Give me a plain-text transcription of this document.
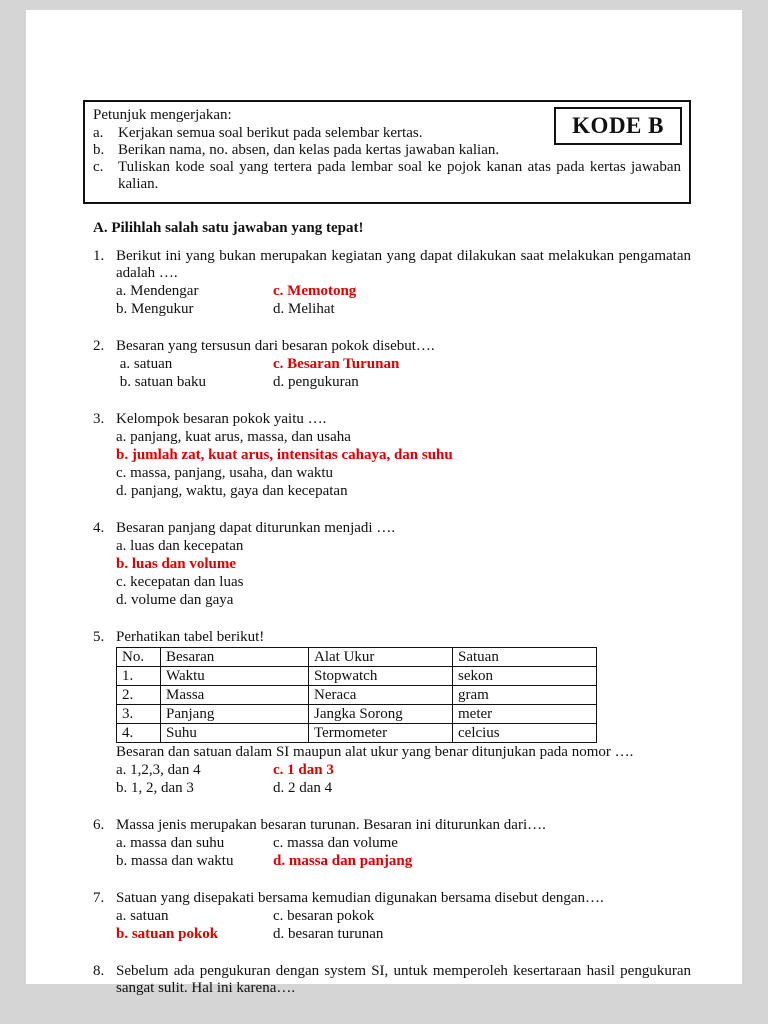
KODE B

Petunjuk mengerjakan:

a. Kerjakan semua soal berikut pada selembar kertas.
b. Berikan nama, no. absen, dan kelas pada kertas jawaban kalian.
c. Tuliskan kode soal yang tertera pada lembar soal ke pojok kanan atas pada kertas jawaban kalian.

A. Pilihlah salah satu jawaban yang tepat!

1. Berikut ini yang bukan merupakan kegiatan yang dapat dilakukan saat melakukan pengamatan adalah ….

a. Mendengar	c. Memotong
b. Mengukur	d. Melihat
2. Besaran yang tersusun dari besaran pokok disebut….

a. satuan	c. Besaran Turunan
b. satuan baku	d. pengukuran
3. Kelompok besaran pokok yaitu ….

a. panjang, kuat arus, massa, dan usaha
b. jumlah zat, kuat arus, intensitas cahaya, dan suhu
c. massa, panjang, usaha, dan waktu
d. panjang, waktu, gaya dan kecepatan
4. Besaran panjang dapat diturunkan menjadi ….

a. luas dan kecepatan
b. luas dan volume
c. kecepatan dan luas
d. volume dan gaya
5. Perhatikan tabel berikut!

No.	Besaran	Alat Ukur	Satuan
1.	Waktu	Stopwatch	sekon
2.	Massa	Neraca	gram
3.	Panjang	Jangka Sorong	meter
4.	Suhu	Termometer	celcius

Besaran dan satuan dalam SI maupun alat ukur yang benar ditunjukan pada nomor ….

a. 1,2,3, dan 4	c. 1 dan 3
b. 1, 2, dan 3	d. 2 dan 4
6. Massa jenis merupakan besaran turunan. Besaran ini diturunkan dari….

a. massa dan suhu	c. massa dan volume
b. massa dan waktu	d. massa dan panjang
7. Satuan yang disepakati bersama kemudian digunakan bersama disebut dengan….

a. satuan	c. besaran pokok
b. satuan pokok	d. besaran turunan
8. Sebelum ada pengukuran dengan system SI, untuk memperoleh kesertaraan hasil pengukuran sangat sulit. Hal ini karena….
